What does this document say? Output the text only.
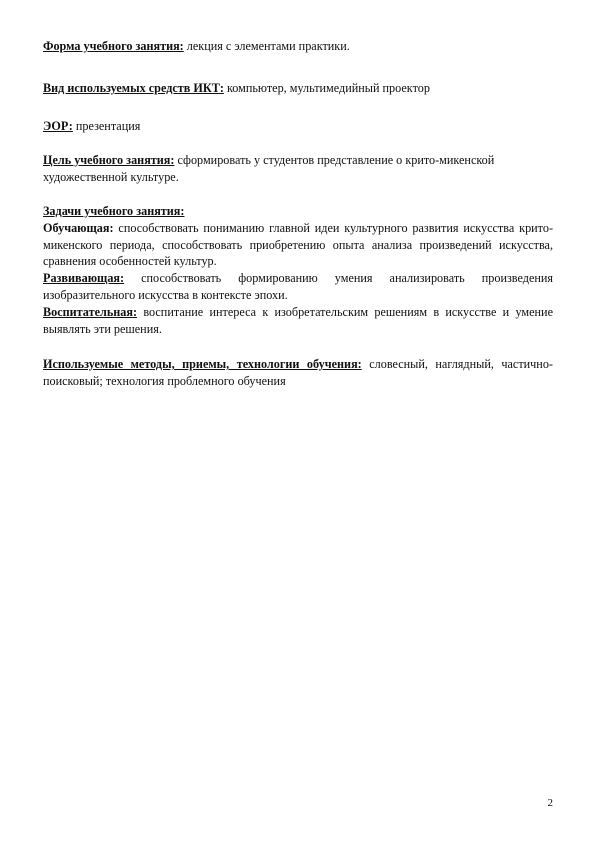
Форма учебного занятия: лекция с элементами практики.

Вид используемых средств ИКТ: компьютер, мультимедийный проектор

ЭОР: презентация

Цель учебного занятия: сформировать у студентов представление о крито-микенской художественной культуре.

Задачи учебного занятия:

Обучающая: способствовать пониманию главной идеи культурного развития искусства крито-микенского периода, способствовать приобретению опыта анализа произведений искусства, сравнения особенностей культур.

Развивающая: способствовать формированию умения анализировать произведения изобразительного искусства в контексте эпохи.

Воспитательная: воспитание интереса к изобретательским решениям в искусстве и умение выявлять эти решения.

Используемые методы, приемы, технологии обучения: словесный, наглядный, частично-поисковый; технология проблемного обучения

2
